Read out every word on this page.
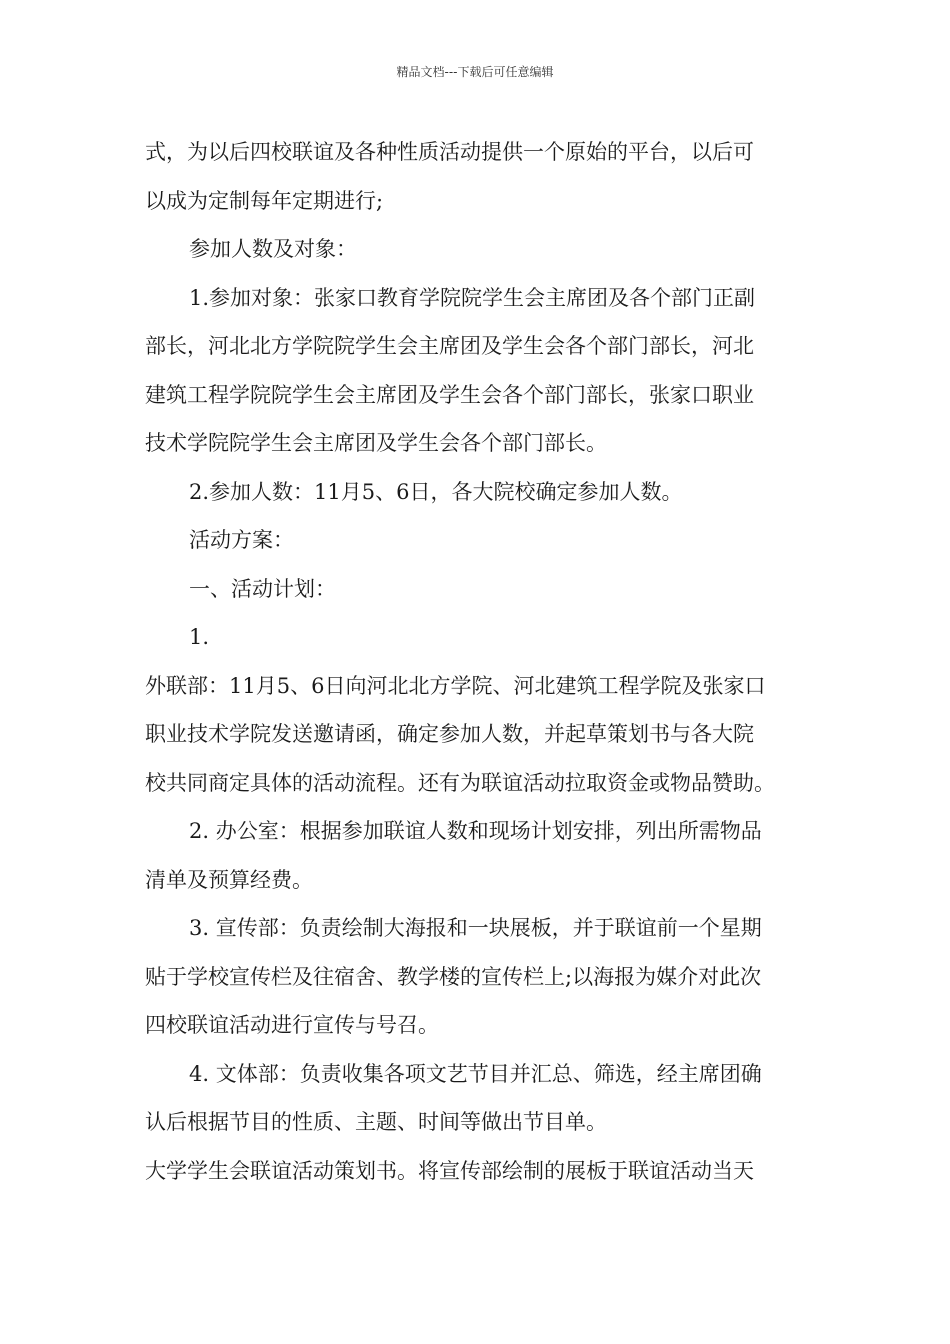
精品文档---下载后可任意编辑
式，为以后四校联谊及各种性质活动提供一个原始的平台，以后可
以成为定制每年定期进行;
参加人数及对象：
1.参加对象：张家口教育学院院学生会主席团及各个部门正副
部长，河北北方学院院学生会主席团及学生会各个部门部长，河北
建筑工程学院院学生会主席团及学生会各个部门部长，张家口职业
技术学院院学生会主席团及学生会各个部门部长。
2.参加人数：11月5、6日，各大院校确定参加人数。
活动方案：
一、活动计划：
1.
外联部：11月5、6日向河北北方学院、河北建筑工程学院及张家口
职业技术学院发送邀请函，确定参加人数，并起草策划书与各大院
校共同商定具体的活动流程。还有为联谊活动拉取资金或物品赞助。
2. 办公室：根据参加联谊人数和现场计划安排，列出所需物品
清单及预算经费。
3. 宣传部：负责绘制大海报和一块展板，并于联谊前一个星期
贴于学校宣传栏及往宿舍、教学楼的宣传栏上;以海报为媒介对此次
四校联谊活动进行宣传与号召。
4. 文体部：负责收集各项文艺节目并汇总、筛选，经主席团确
认后根据节目的性质、主题、时间等做出节目单。
大学学生会联谊活动策划书。将宣传部绘制的展板于联谊活动当天
